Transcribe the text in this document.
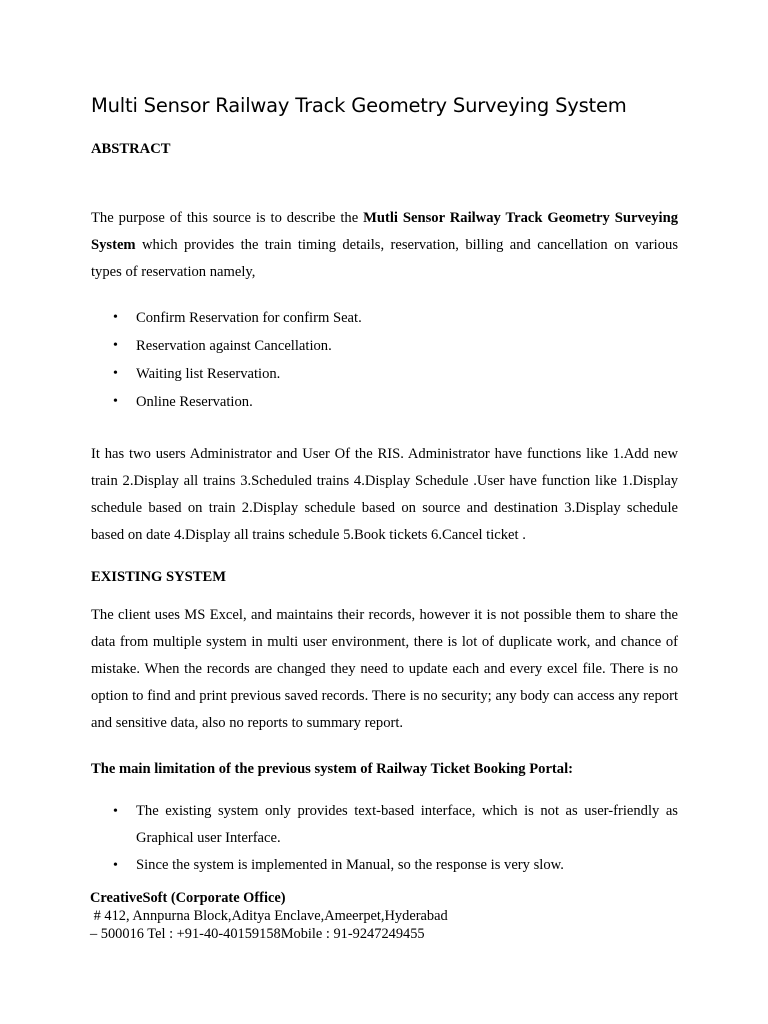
Multi Sensor Railway Track Geometry Surveying System
ABSTRACT

The purpose of this source is to describe the Mutli Sensor Railway Track Geometry Surveying System which provides the train timing details, reservation, billing and cancellation on various types of reservation namely,

• Confirm Reservation for confirm Seat.
• Reservation against Cancellation.
• Waiting list Reservation.
• Online Reservation.

It has two users Administrator and User Of the RIS. Administrator have functions like 1.Add new train 2.Display all trains 3.Scheduled trains 4.Display Schedule .User have function like 1.Display schedule based on train 2.Display schedule based on source and destination 3.Display schedule based on date 4.Display all trains schedule 5.Book tickets 6.Cancel ticket .

EXISTING SYSTEM

The client uses MS Excel, and maintains their records, however it is not possible them to share the data from multiple system in multi user environment, there is lot of duplicate work, and chance of mistake. When the records are changed they need to update each and every excel file. There is no option to find and print previous saved records. There is no security; any body can access any report and sensitive data, also no reports to summary report.

The main limitation of the previous system of Railway Ticket Booking Portal:
• The existing system only provides text-based interface, which is not as user-friendly as Graphical user Interface.
• Since the system is implemented in Manual, so the response is very slow.
CreativeSoft (Corporate Office)
# 412, Annpurna Block,Aditya Enclave,Ameerpet,Hyderabad
– 500016 Tel : +91-40-40159158Mobile : 91-9247249455
